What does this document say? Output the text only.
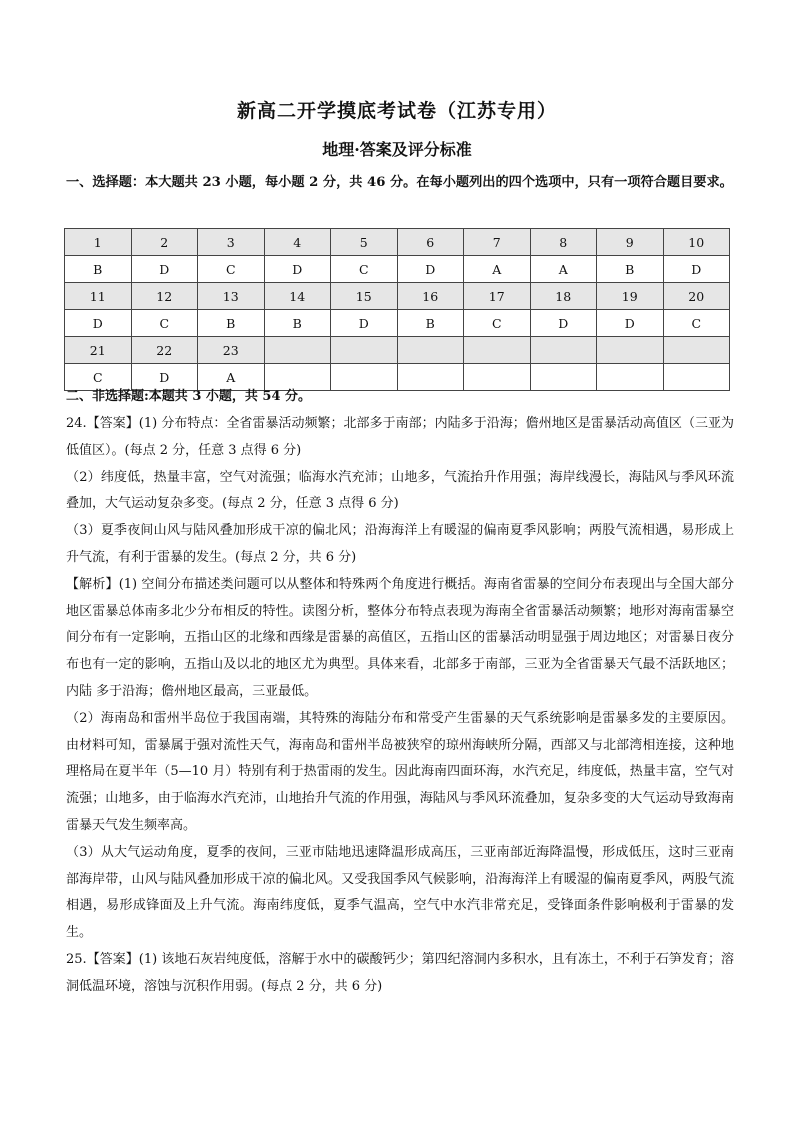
新高二开学摸底考试卷（江苏专用）
地理·答案及评分标准
一、选择题：本大题共 23 小题，每小题 2 分，共 46 分。在每小题列出的四个选项中，只有一项符合题目要求。
1	2	3	4	5	6	7	8	9	10
B	D	C	D	C	D	A	A	B	D
11	12	13	14	15	16	17	18	19	20
D	C	B	B	D	B	C	D	D	C
21	22	23							
C	D	A							
二、非选择题:本题共 3 小题，共 54 分。

24.【答案】(1) 分布特点：全省雷暴活动频繁；北部多于南部；内陆多于沿海；儋州地区是雷暴活动高值区（三亚为低值区）。(每点 2 分，任意 3 点得 6 分)

（2）纬度低，热量丰富，空气对流强；临海水汽充沛；山地多，气流抬升作用强；海岸线漫长，海陆风与季风环流叠加，大气运动复杂多变。(每点 2 分，任意 3 点得 6 分)

（3）夏季夜间山风与陆风叠加形成干凉的偏北风；沿海海洋上有暖湿的偏南夏季风影响；两股气流相遇，易形成上升气流，有利于雷暴的发生。(每点 2 分，共 6 分)

【解析】(1) 空间分布描述类问题可以从整体和特殊两个角度进行概括。海南省雷暴的空间分布表现出与全国大部分地区雷暴总体南多北少分布相反的特性。读图分析，整体分布特点表现为海南全省雷暴活动频繁；地形对海南雷暴空间分布有一定影响，五指山区的北缘和西缘是雷暴的高值区，五指山区的雷暴活动明显强于周边地区；对雷暴日夜分布也有一定的影响，五指山及以北的地区尤为典型。具体来看，北部多于南部，三亚为全省雷暴天气最不活跃地区；内陆 多于沿海；儋州地区最高，三亚最低。

（2）海南岛和雷州半岛位于我国南端，其特殊的海陆分布和常受产生雷暴的天气系统影响是雷暴多发的主要原因。由材料可知，雷暴属于强对流性天气，海南岛和雷州半岛被狭窄的琼州海峡所分隔，西部又与北部湾相连接，这种地理格局在夏半年（5—10 月）特别有利于热雷雨的发生。因此海南四面环海，水汽充足，纬度低，热量丰富，空气对流强；山地多，由于临海水汽充沛，山地抬升气流的作用强，海陆风与季风环流叠加，复杂多变的大气运动导致海南雷暴天气发生频率高。

（3）从大气运动角度，夏季的夜间，三亚市陆地迅速降温形成高压，三亚南部近海降温慢，形成低压，这时三亚南部海岸带，山风与陆风叠加形成干凉的偏北风。又受我国季风气候影响，沿海海洋上有暖湿的偏南夏季风，两股气流相遇，易形成锋面及上升气流。海南纬度低，夏季气温高，空气中水汽非常充足，受锋面条件影响极利于雷暴的发生。

25.【答案】(1) 该地石灰岩纯度低，溶解于水中的碳酸钙少；第四纪溶洞内多积水，且有冻土，不利于石笋发育；溶洞低温环境，溶蚀与沉积作用弱。(每点 2 分，共 6 分)
